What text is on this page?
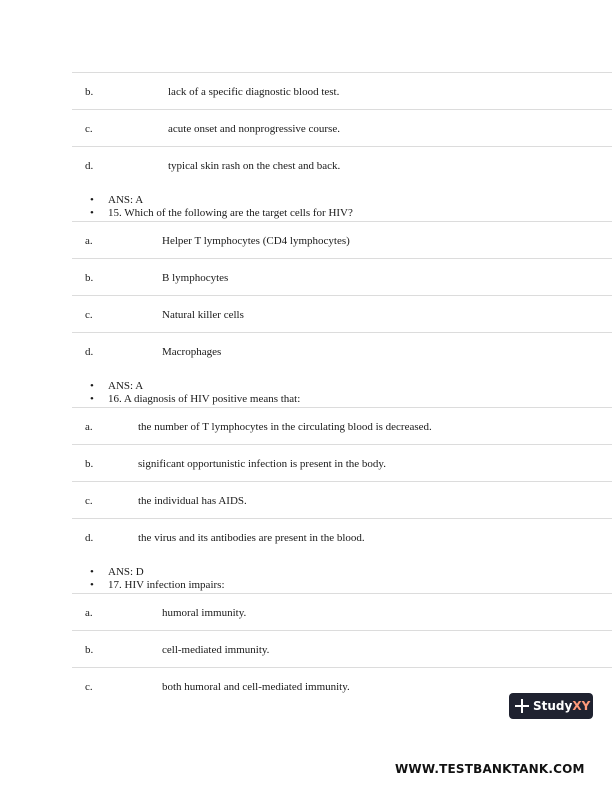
b.	lack of a specific diagnostic blood test.
c.	acute onset and nonprogressive course.
d.	typical skin rash on the chest and back.
• ANS: A
• 15. Which of the following are the target cells for HIV?
a.	Helper T lymphocytes (CD4 lymphocytes)
b.	B lymphocytes
c.	Natural killer cells
d.	Macrophages
• ANS: A
• 16. A diagnosis of HIV positive means that:
a.	the number of T lymphocytes in the circulating blood is decreased.
b.	significant opportunistic infection is present in the body.
c.	the individual has AIDS.
d.	the virus and its antibodies are present in the blood.
• ANS: D
• 17. HIV infection impairs:
a.	humoral immunity.
b.	cell-mediated immunity.
c.	both humoral and cell-mediated immunity.
StudyXY
WWW.TESTBANKTANK.COM
